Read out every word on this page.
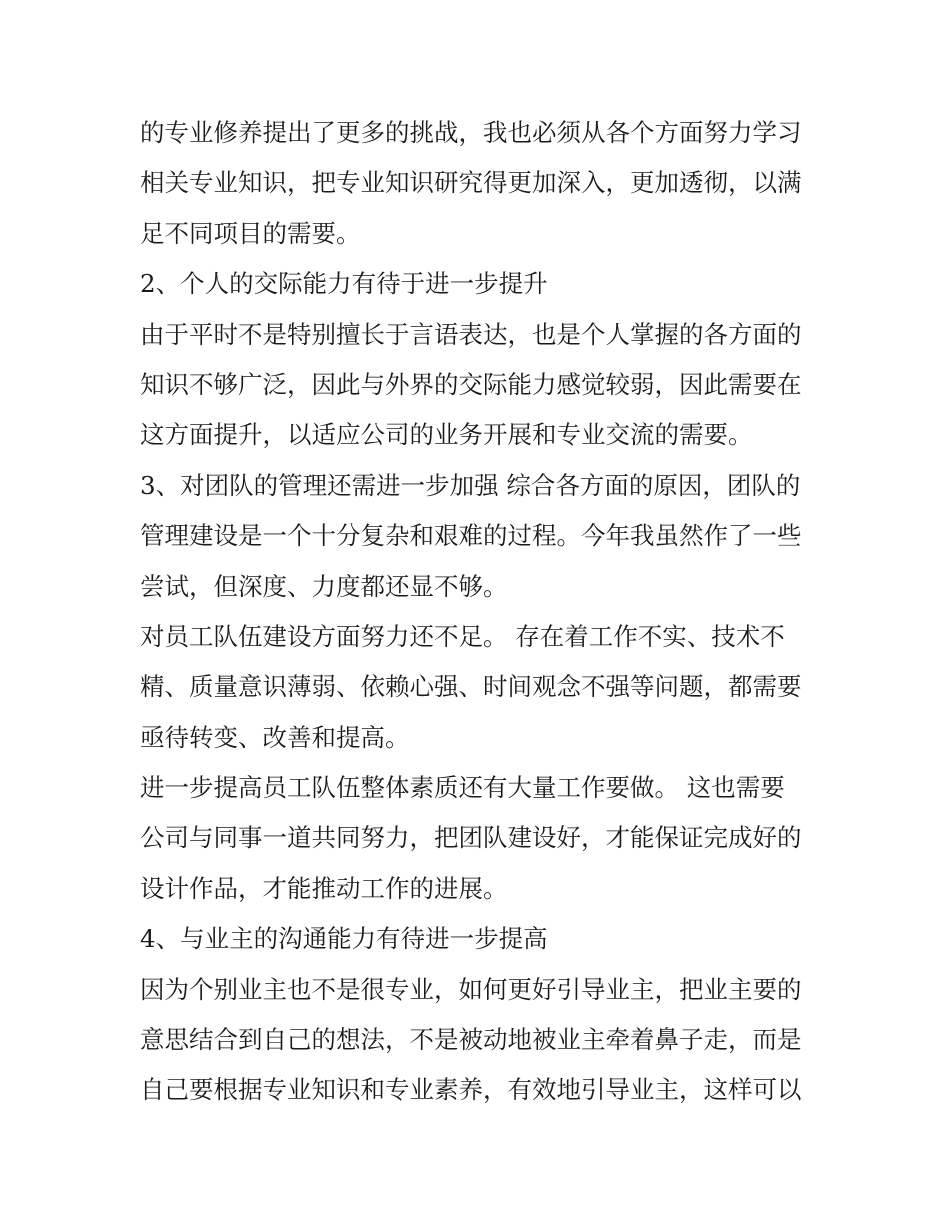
的专业修养提出了更多的挑战，我也必须从各个方面努力学习
相关专业知识，把专业知识研究得更加深入，更加透彻，以满
足不同项目的需要。
2、个人的交际能力有待于进一步提升
由于平时不是特别擅长于言语表达，也是个人掌握的各方面的
知识不够广泛，因此与外界的交际能力感觉较弱，因此需要在
这方面提升，以适应公司的业务开展和专业交流的需要。
3、对团队的管理还需进一步加强 综合各方面的原因，团队的
管理建设是一个十分复杂和艰难的过程。今年我虽然作了一些
尝试，但深度、力度都还显不够。
对员工队伍建设方面努力还不足。 存在着工作不实、技术不
精、质量意识薄弱、依赖心强、时间观念不强等问题，都需要
亟待转变、改善和提高。
进一步提高员工队伍整体素质还有大量工作要做。 这也需要
公司与同事一道共同努力，把团队建设好，才能保证完成好的
设计作品，才能推动工作的进展。
4、与业主的沟通能力有待进一步提高
因为个别业主也不是很专业，如何更好引导业主，把业主要的
意思结合到自己的想法，不是被动地被业主牵着鼻子走，而是
自己要根据专业知识和专业素养，有效地引导业主，这样可以
